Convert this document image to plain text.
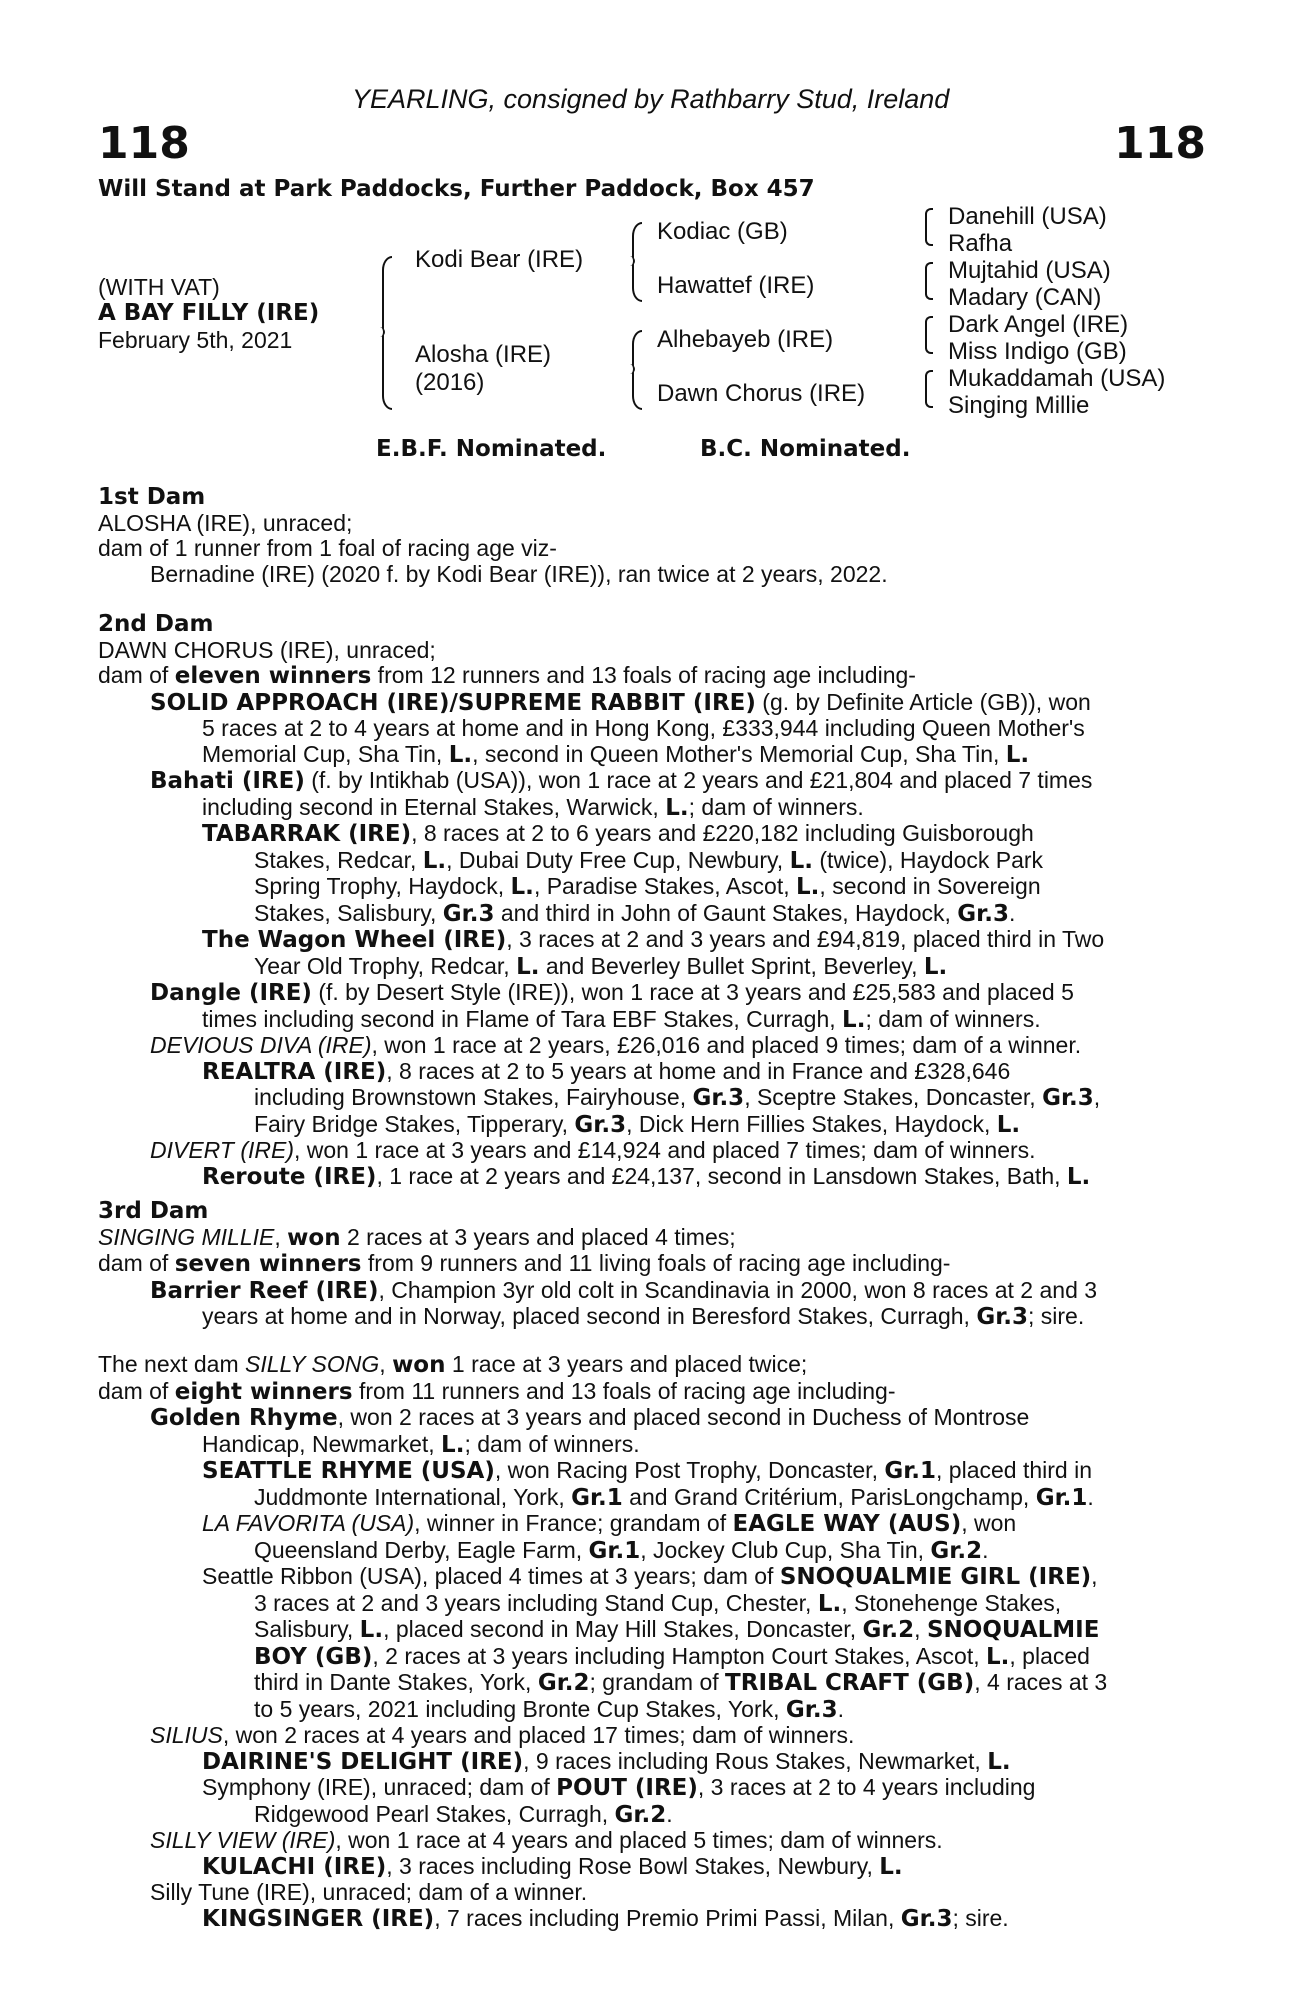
YEARLING, consigned by Rathbarry Stud, Ireland
118	118
Will Stand at Park Paddocks, Further Paddock, Box 457
(WITH VAT)
A BAY FILLY (IRE)
February 5th, 2021
Kodi Bear (IRE)
Alosha (IRE)
(2016)
Kodiac (GB)
Hawattef (IRE)
Alhebayeb (IRE)
Dawn Chorus (IRE)
Danehill (USA)
Rafha
Mujtahid (USA)
Madary (CAN)
Dark Angel (IRE)
Miss Indigo (GB)
Mukaddamah (USA)
Singing Millie
E.B.F. Nominated.	B.C. Nominated.
1st Dam
ALOSHA (IRE), unraced;
dam of 1 runner from 1 foal of racing age viz-
Bernadine (IRE) (2020 f. by Kodi Bear (IRE)), ran twice at 2 years, 2022.
2nd Dam
DAWN CHORUS (IRE), unraced;
dam of eleven winners from 12 runners and 13 foals of racing age including-
SOLID APPROACH (IRE)/SUPREME RABBIT (IRE) (g. by Definite Article (GB)), won
5 races at 2 to 4 years at home and in Hong Kong, £333,944 including Queen Mother's
Memorial Cup, Sha Tin, L., second in Queen Mother's Memorial Cup, Sha Tin, L.
Bahati (IRE) (f. by Intikhab (USA)), won 1 race at 2 years and £21,804 and placed 7 times
including second in Eternal Stakes, Warwick, L.; dam of winners.
TABARRAK (IRE), 8 races at 2 to 6 years and £220,182 including Guisborough
Stakes, Redcar, L., Dubai Duty Free Cup, Newbury, L. (twice), Haydock Park
Spring Trophy, Haydock, L., Paradise Stakes, Ascot, L., second in Sovereign
Stakes, Salisbury, Gr.3 and third in John of Gaunt Stakes, Haydock, Gr.3.
The Wagon Wheel (IRE), 3 races at 2 and 3 years and £94,819, placed third in Two
Year Old Trophy, Redcar, L. and Beverley Bullet Sprint, Beverley, L.
Dangle (IRE) (f. by Desert Style (IRE)), won 1 race at 3 years and £25,583 and placed 5
times including second in Flame of Tara EBF Stakes, Curragh, L.; dam of winners.
DEVIOUS DIVA (IRE), won 1 race at 2 years, £26,016 and placed 9 times; dam of a winner.
REALTRA (IRE), 8 races at 2 to 5 years at home and in France and £328,646
including Brownstown Stakes, Fairyhouse, Gr.3, Sceptre Stakes, Doncaster, Gr.3,
Fairy Bridge Stakes, Tipperary, Gr.3, Dick Hern Fillies Stakes, Haydock, L.
DIVERT (IRE), won 1 race at 3 years and £14,924 and placed 7 times; dam of winners.
Reroute (IRE), 1 race at 2 years and £24,137, second in Lansdown Stakes, Bath, L.
3rd Dam
SINGING MILLIE, won 2 races at 3 years and placed 4 times;
dam of seven winners from 9 runners and 11 living foals of racing age including-
Barrier Reef (IRE), Champion 3yr old colt in Scandinavia in 2000, won 8 races at 2 and 3
years at home and in Norway, placed second in Beresford Stakes, Curragh, Gr.3; sire.
The next dam SILLY SONG, won 1 race at 3 years and placed twice;
dam of eight winners from 11 runners and 13 foals of racing age including-
Golden Rhyme, won 2 races at 3 years and placed second in Duchess of Montrose
Handicap, Newmarket, L.; dam of winners.
SEATTLE RHYME (USA), won Racing Post Trophy, Doncaster, Gr.1, placed third in
Juddmonte International, York, Gr.1 and Grand Critérium, ParisLongchamp, Gr.1.
LA FAVORITA (USA), winner in France; grandam of EAGLE WAY (AUS), won
Queensland Derby, Eagle Farm, Gr.1, Jockey Club Cup, Sha Tin, Gr.2.
Seattle Ribbon (USA), placed 4 times at 3 years; dam of SNOQUALMIE GIRL (IRE),
3 races at 2 and 3 years including Stand Cup, Chester, L., Stonehenge Stakes,
Salisbury, L., placed second in May Hill Stakes, Doncaster, Gr.2, SNOQUALMIE
BOY (GB), 2 races at 3 years including Hampton Court Stakes, Ascot, L., placed
third in Dante Stakes, York, Gr.2; grandam of TRIBAL CRAFT (GB), 4 races at 3
to 5 years, 2021 including Bronte Cup Stakes, York, Gr.3.
SILIUS, won 2 races at 4 years and placed 17 times; dam of winners.
DAIRINE'S DELIGHT (IRE), 9 races including Rous Stakes, Newmarket, L.
Symphony (IRE), unraced; dam of POUT (IRE), 3 races at 2 to 4 years including
Ridgewood Pearl Stakes, Curragh, Gr.2.
SILLY VIEW (IRE), won 1 race at 4 years and placed 5 times; dam of winners.
KULACHI (IRE), 3 races including Rose Bowl Stakes, Newbury, L.
Silly Tune (IRE), unraced; dam of a winner.
KINGSINGER (IRE), 7 races including Premio Primi Passi, Milan, Gr.3; sire.
